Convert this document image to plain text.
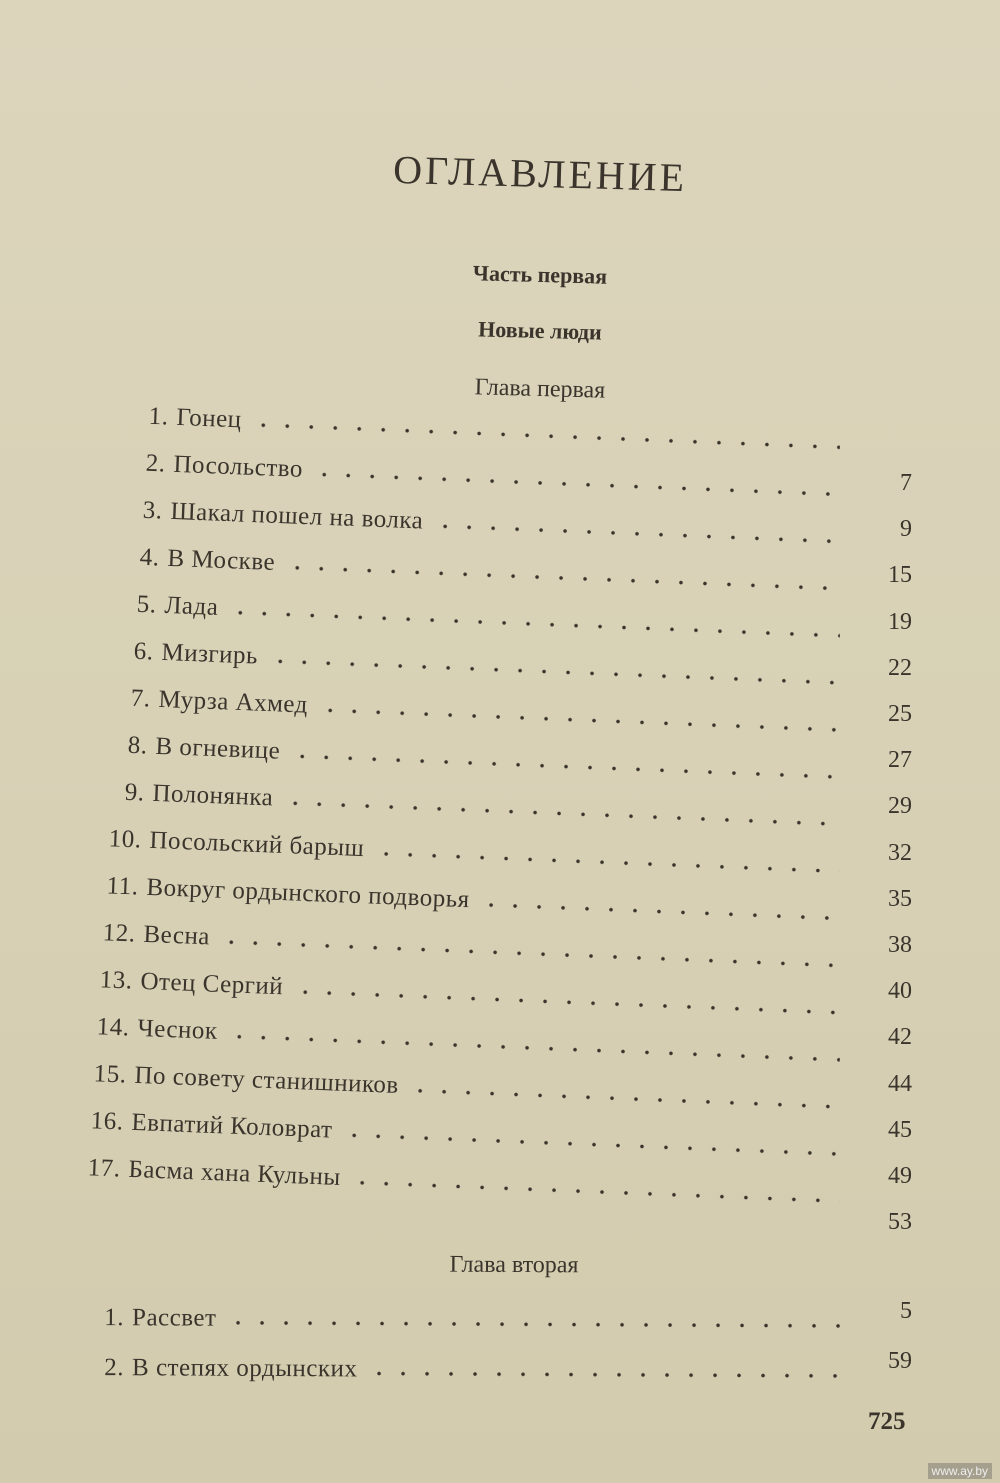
ОГЛАВЛЕНИЕ
Часть первая
Новые люди
Глава первая
1. Гонец
2. Посольство
3. Шакал пошел на волка
4. В Москве
5. Лада
6. Мизгирь
7. Мурза Ахмед
8. В огневице
9. Полонянка
10. Посольский барыш
11. Вокруг ордынского подворья
12. Весна
13. Отец Сергий
14. Чеснок
15. По совету станишников
16. Евпатий Коловрат
17. Басма хана Кульны
7
9
15
19
22
25
27
29
32
35
38
40
42
44
45
49
53
1. Рассвет	5
2. В степях ордынских	59
Глава вторая
725
www.ay.by
